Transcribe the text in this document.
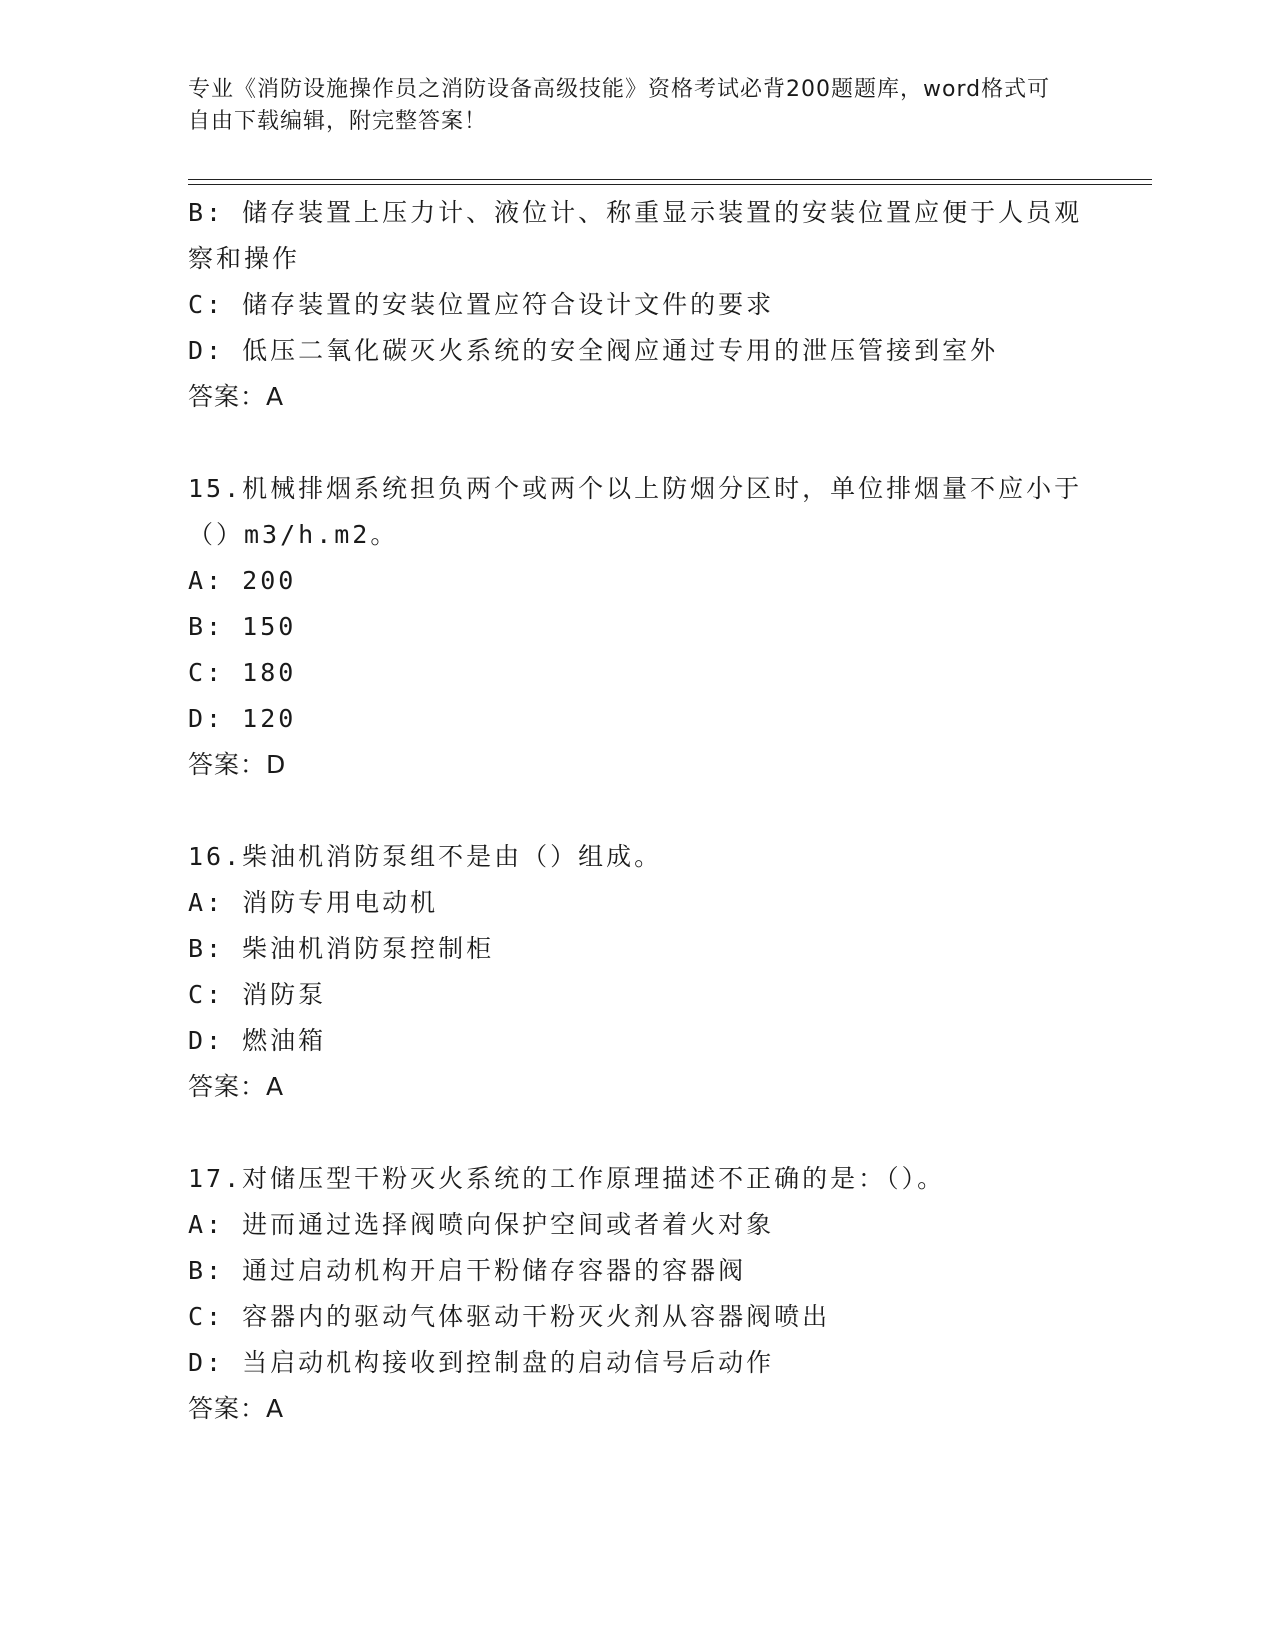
专业《消防设施操作员之消防设备高级技能》资格考试必背200题题库，word格式可自由下载编辑，附完整答案！
B: 储存装置上压力计、液位计、称重显示装置的安装位置应便于人员观察和操作
C: 储存装置的安装位置应符合设计文件的要求
D: 低压二氧化碳灭火系统的安全阀应通过专用的泄压管接到室外
答案：A
15.机械排烟系统担负两个或两个以上防烟分区时，单位排烟量不应小于（）m3/h.m2。
A: 200
B: 150
C: 180
D: 120
答案：D
16.柴油机消防泵组不是由（）组成。
A: 消防专用电动机
B: 柴油机消防泵控制柜
C: 消防泵
D: 燃油箱
答案：A
17.对储压型干粉灭火系统的工作原理描述不正确的是：（）。
A: 进而通过选择阀喷向保护空间或者着火对象
B: 通过启动机构开启干粉储存容器的容器阀
C: 容器内的驱动气体驱动干粉灭火剂从容器阀喷出
D: 当启动机构接收到控制盘的启动信号后动作
答案：A
